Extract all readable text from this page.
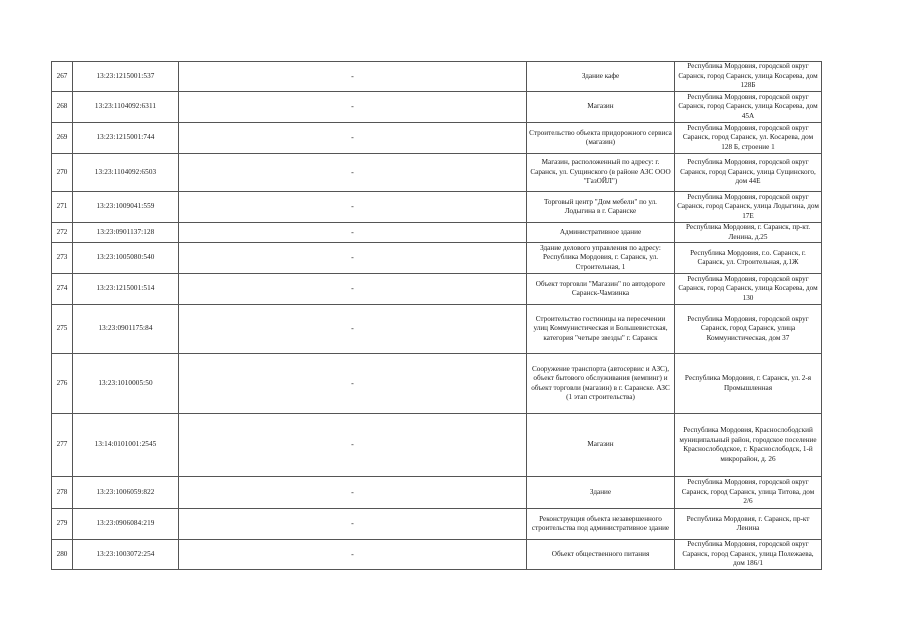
267	13:23:1215001:537	-	Здание кафе	Республика Мордовия, городской округ Саранск, город Саранск, улица Косарева, дом 128Б
268	13:23:1104092:6311	-	Магазин	Республика Мордовия, городской округ Саранск, город Саранск, улица Косарева, дом 45А
269	13:23:1215001:744	-	Строительство объекта придорожного сервиса (магазин)	Республика Мордовия, городской округ Саранск, город Саранск, ул. Косарева, дом 128 Б, строение 1
270	13:23:1104092:6503	-	Магазин, расположенный по адресу: г. Саранск, ул. Сущинского (в районе АЗС ООО "ГазОЙЛ")	Республика Мордовия, городской округ Саранск, город Саранск, улица Сущинского, дом 44Е
271	13:23:1009041:559	-	Торговый центр "Дом мебели" по ул. Лодыгина в г. Саранске	Республика Мордовия, городской округ Саранск, город Саранск, улица Лодыгина, дом 17Е
272	13:23:0901137:128	-	Административное здание	Республика Мордовия, г. Саранск, пр-кт. Ленина, д.25
273	13:23:1005080:540	-	Здание делового управления по адресу: Республика Мордовия, г. Саранск, ул. Строительная, 1	Республика Мордовия, г.о. Саранск, г. Саранск, ул. Строительная, д.1Ж
274	13:23:1215001:514	-	Объект торговли "Магазин" по автодороге Саранск-Чамзинка	Республика Мордовия, городской округ Саранск, город Саранск, улица Косарева, дом 130
275	13:23:0901175:84	-	Строительство гостиницы на пересечении улиц Коммунистическая и Большевистская, категория "четыре звезды" г. Саранск	Республика Мордовия, городской округ Саранск, город Саранск, улица Коммунистическая, дом 37
276	13:23:1010005:50	-	Сооружение транспорта (автосервис и АЗС), объект бытового обслуживания (кемпинг) и объект торговли (магазин) в г. Саранске. АЗС (1 этап строительства)	Республика Мордовия, г. Саранск, ул. 2-я Промышленная
277	13:14:0101001:2545	-	Магазин	Республика Мордовия, Краснослободский муниципальный район, городское поселение Краснослободское, г. Краснослободск, 1-й микрорайон, д. 26
278	13:23:1006059:822	-	Здание	Республика Мордовия, городской округ Саранск, город Саранск, улица Титова, дом 2/6
279	13:23:0906084:219	-	Реконструкция объекта незавершенного строительства под административное здание	Республика Мордовия, г. Саранск, пр-кт Ленина
280	13:23:1003072:254	-	Объект общественного питания	Республика Мордовия, городской округ Саранск, город Саранск, улица Полежаева, дом 186/1
